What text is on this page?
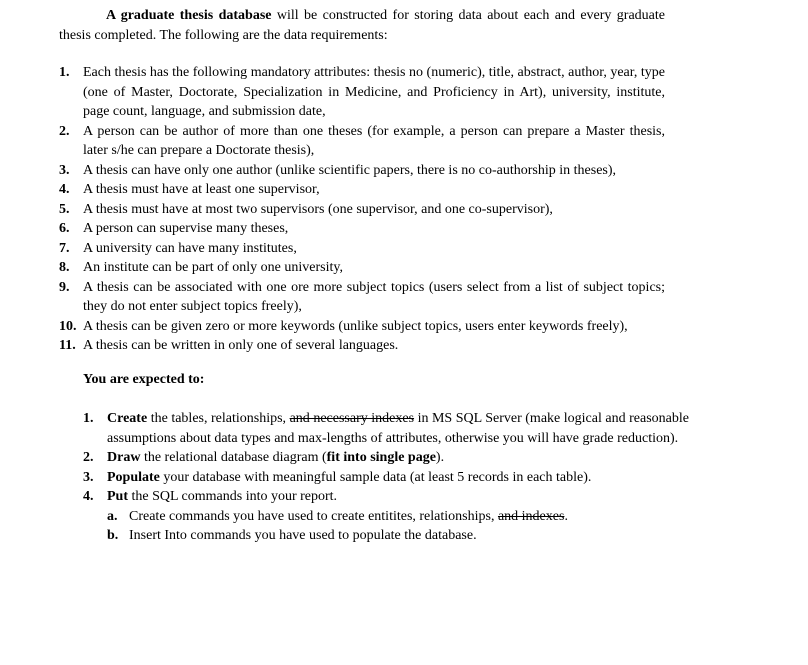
A graduate thesis database will be constructed for storing data about each and every graduate thesis completed. The following are the data requirements:
1. Each thesis has the following mandatory attributes: thesis no (numeric), title, abstract, author, year, type (one of Master, Doctorate, Specialization in Medicine, and Proficiency in Art), university, institute, page count, language, and submission date,
2. A person can be author of more than one theses (for example, a person can prepare a Master thesis, later s/he can prepare a Doctorate thesis),
3. A thesis can have only one author (unlike scientific papers, there is no co-authorship in theses),
4. A thesis must have at least one supervisor,
5. A thesis must have at most two supervisors (one supervisor, and one co-supervisor),
6. A person can supervise many theses,
7. A university can have many institutes,
8. An institute can be part of only one university,
9. A thesis can be associated with one ore more subject topics (users select from a list of subject topics; they do not enter subject topics freely),
10. A thesis can be given zero or more keywords (unlike subject topics, users enter keywords freely),
11. A thesis can be written in only one of several languages.
You are expected to:
1. Create the tables, relationships, and necessary indexes in MS SQL Server (make logical and reasonable assumptions about data types and max-lengths of attributes, otherwise you will have grade reduction).
2. Draw the relational database diagram (fit into single page).
3. Populate your database with meaningful sample data (at least 5 records in each table).
4. Put the SQL commands into your report.
a. Create commands you have used to create entitites, relationships, and indexes.
b. Insert Into commands you have used to populate the database.
